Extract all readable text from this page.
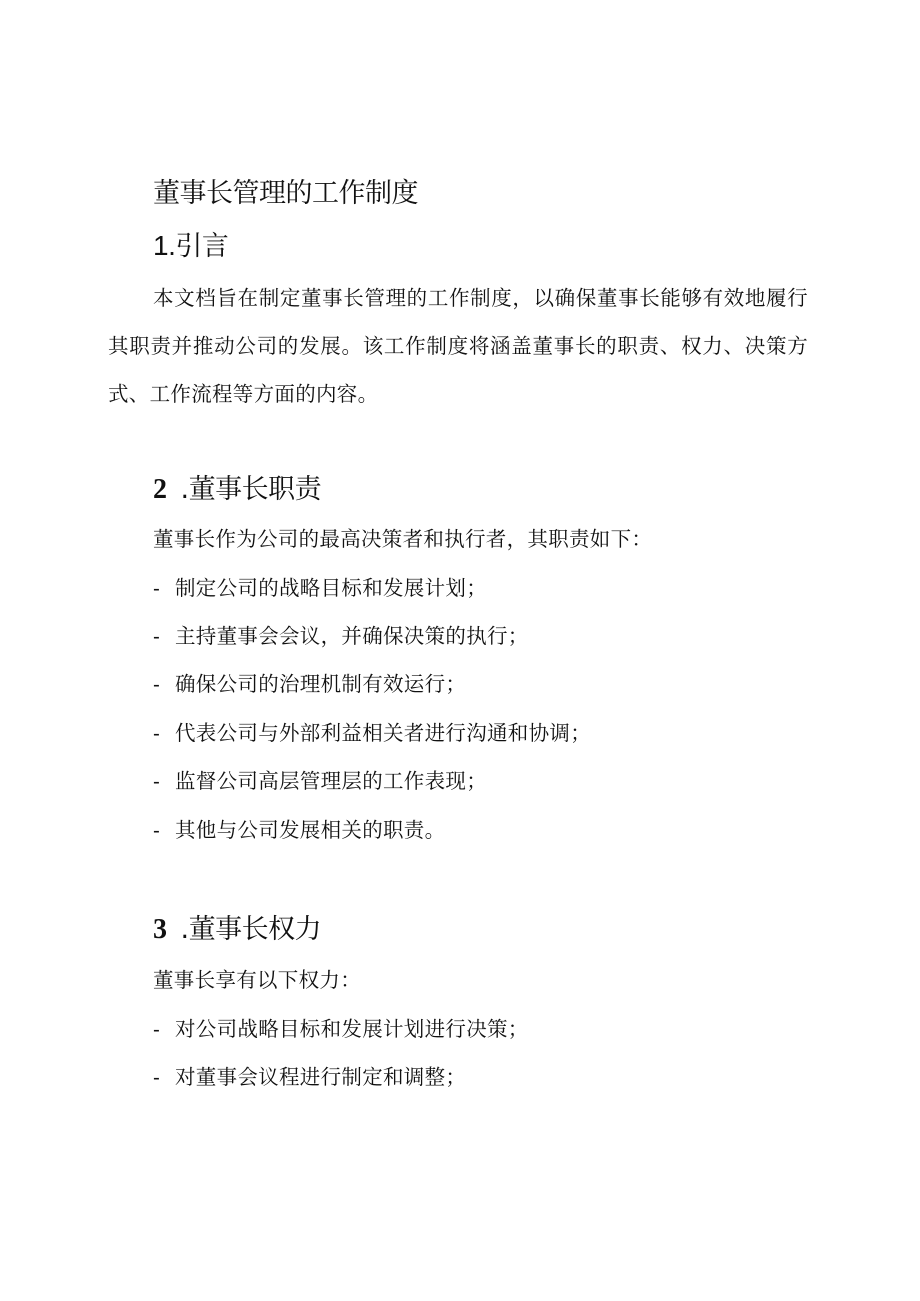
董事长管理的工作制度
1.引言
本文档旨在制定董事长管理的工作制度，以确保董事长能够有效地履行其职责并推动公司的发展。该工作制度将涵盖董事长的职责、权力、决策方式、工作流程等方面的内容。
2 .董事长职责
董事长作为公司的最高决策者和执行者，其职责如下：
- 制定公司的战略目标和发展计划；
- 主持董事会会议，并确保决策的执行；
- 确保公司的治理机制有效运行；
- 代表公司与外部利益相关者进行沟通和协调；
- 监督公司高层管理层的工作表现；
- 其他与公司发展相关的职责。
3 .董事长权力
董事长享有以下权力：
- 对公司战略目标和发展计划进行决策；
- 对董事会议程进行制定和调整；
